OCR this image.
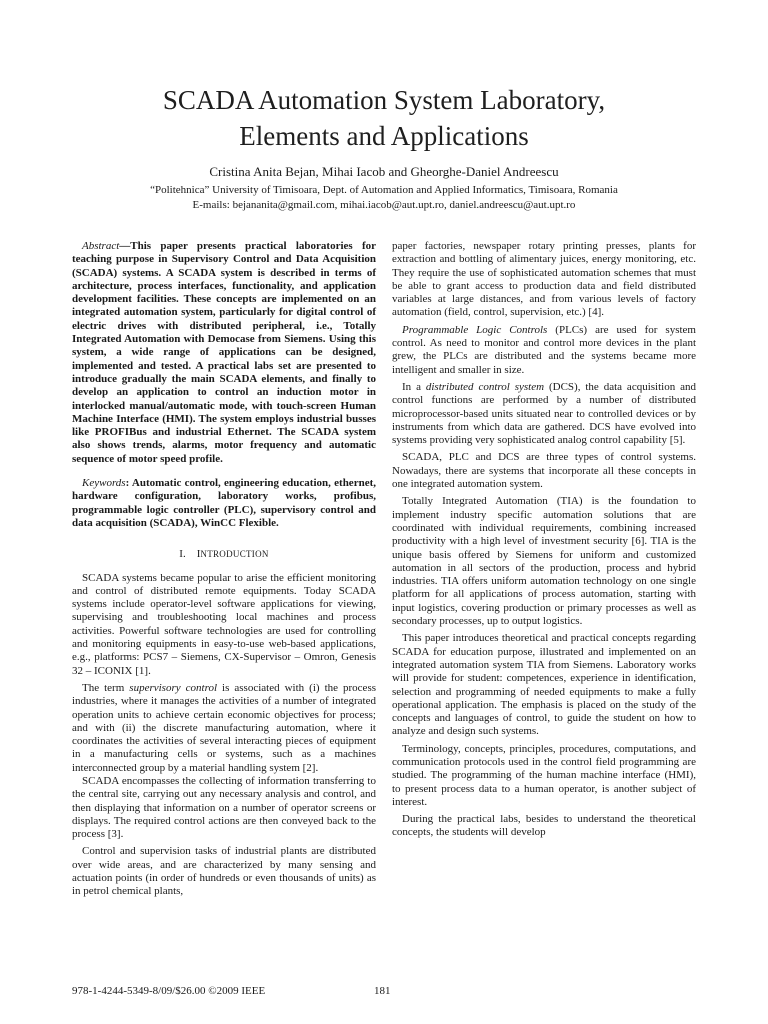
SCADA Automation System Laboratory,
Elements and Applications

Cristina Anita Bejan, Mihai Iacob and Gheorghe-Daniel Andreescu

“Politehnica” University of Timisoara, Dept. of Automation and Applied Informatics, Timisoara, Romania

E-mails: bejananita@gmail.com, mihai.iacob@aut.upt.ro, daniel.andreescu@aut.upt.ro

Abstract—This paper presents practical laboratories for teaching purpose in Supervisory Control and Data Acquisition (SCADA) systems. A SCADA system is described in terms of architecture, process interfaces, functionality, and application development facilities. These concepts are implemented on an integrated automation system, particularly for digital control of electric drives with distributed peripheral, i.e., Totally Integrated Automation with Democase from Siemens. Using this system, a wide range of applications can be designed, implemented and tested. A practical labs set are presented to introduce gradually the main SCADA elements, and finally to develop an application to control an induction motor in interlocked manual/automatic mode, with touch-screen Human Machine Interface (HMI). The system employs industrial busses like PROFIBus and industrial Ethernet. The SCADA system also shows trends, alarms, motor frequency and automatic sequence of motor speed profile.

Keywords: Automatic control, engineering education, ethernet, hardware configuration, laboratory works, profibus, programmable logic controller (PLC), supervisory control and data acquisition (SCADA), WinCC Flexible.

I. INTRODUCTION

SCADA systems became popular to arise the efficient monitoring and control of distributed remote equipments. Today SCADA systems include operator-level software applications for viewing, supervising and troubleshooting local machines and process activities. Powerful software technologies are used for controlling and monitoring equipments in easy-to-use web-based applications, e.g., platforms: PCS7 – Siemens, CX-Supervisor – Omron, Genesis 32 – ICONIX [1].

The term supervisory control is associated with (i) the process industries, where it manages the activities of a number of integrated operation units to achieve certain economic objectives for process; and with (ii) the discrete manufacturing automation, where it coordinates the activities of several interacting pieces of equipment in a manufacturing cells or systems, such as a machines interconnected group by a material handling system [2].

SCADA encompasses the collecting of information transferring to the central site, carrying out any necessary analysis and control, and then displaying that information on a number of operator screens or displays. The required control actions are then conveyed back to the process [3].

Control and supervision tasks of industrial plants are distributed over wide areas, and are characterized by many sensing and actuation points (in order of hundreds or even thousands of units) as in petrol chemical plants,

paper factories, newspaper rotary printing presses, plants for extraction and bottling of alimentary juices, energy monitoring, etc. They require the use of sophisticated automation schemes that must be able to grant access to production data and field distributed variables at large distances, and from various levels of factory automation (field, control, supervision, etc.) [4].

Programmable Logic Controls (PLCs) are used for system control. As need to monitor and control more devices in the plant grew, the PLCs are distributed and the systems became more intelligent and smaller in size.

In a distributed control system (DCS), the data acquisition and control functions are performed by a number of distributed microprocessor-based units situated near to controlled devices or by instruments from which data are gathered. DCS have evolved into systems providing very sophisticated analog control capability [5].

SCADA, PLC and DCS are three types of control systems. Nowadays, there are systems that incorporate all these concepts in one integrated automation system.

Totally Integrated Automation (TIA) is the foundation to implement industry specific automation solutions that are coordinated with individual requirements, combining increased productivity with a high level of investment security [6]. TIA is the unique basis offered by Siemens for uniform and customized automation in all sectors of the production, process and hybrid industries. TIA offers uniform automation technology on one single platform for all applications of process automation, starting with input logistics, covering production or primary processes as well as secondary processes, up to output logistics.

This paper introduces theoretical and practical concepts regarding SCADA for education purpose, illustrated and implemented on an integrated automation system TIA from Siemens. Laboratory works will provide for student: competences, experience in identification, selection and programming of needed equipments to make a fully operational application. The emphasis is placed on the study of the concepts and languages of control, to guide the student on how to analyze and design such systems.

Terminology, concepts, principles, procedures, computations, and communication protocols used in the control field programming are studied. The programming of the human machine interface (HMI), to present process data to a human operator, is another subject of interest.

During the practical labs, besides to understand the theoretical concepts, the students will develop

978-1-4244-5349-8/09/$26.00 ©2009 IEEE	181
